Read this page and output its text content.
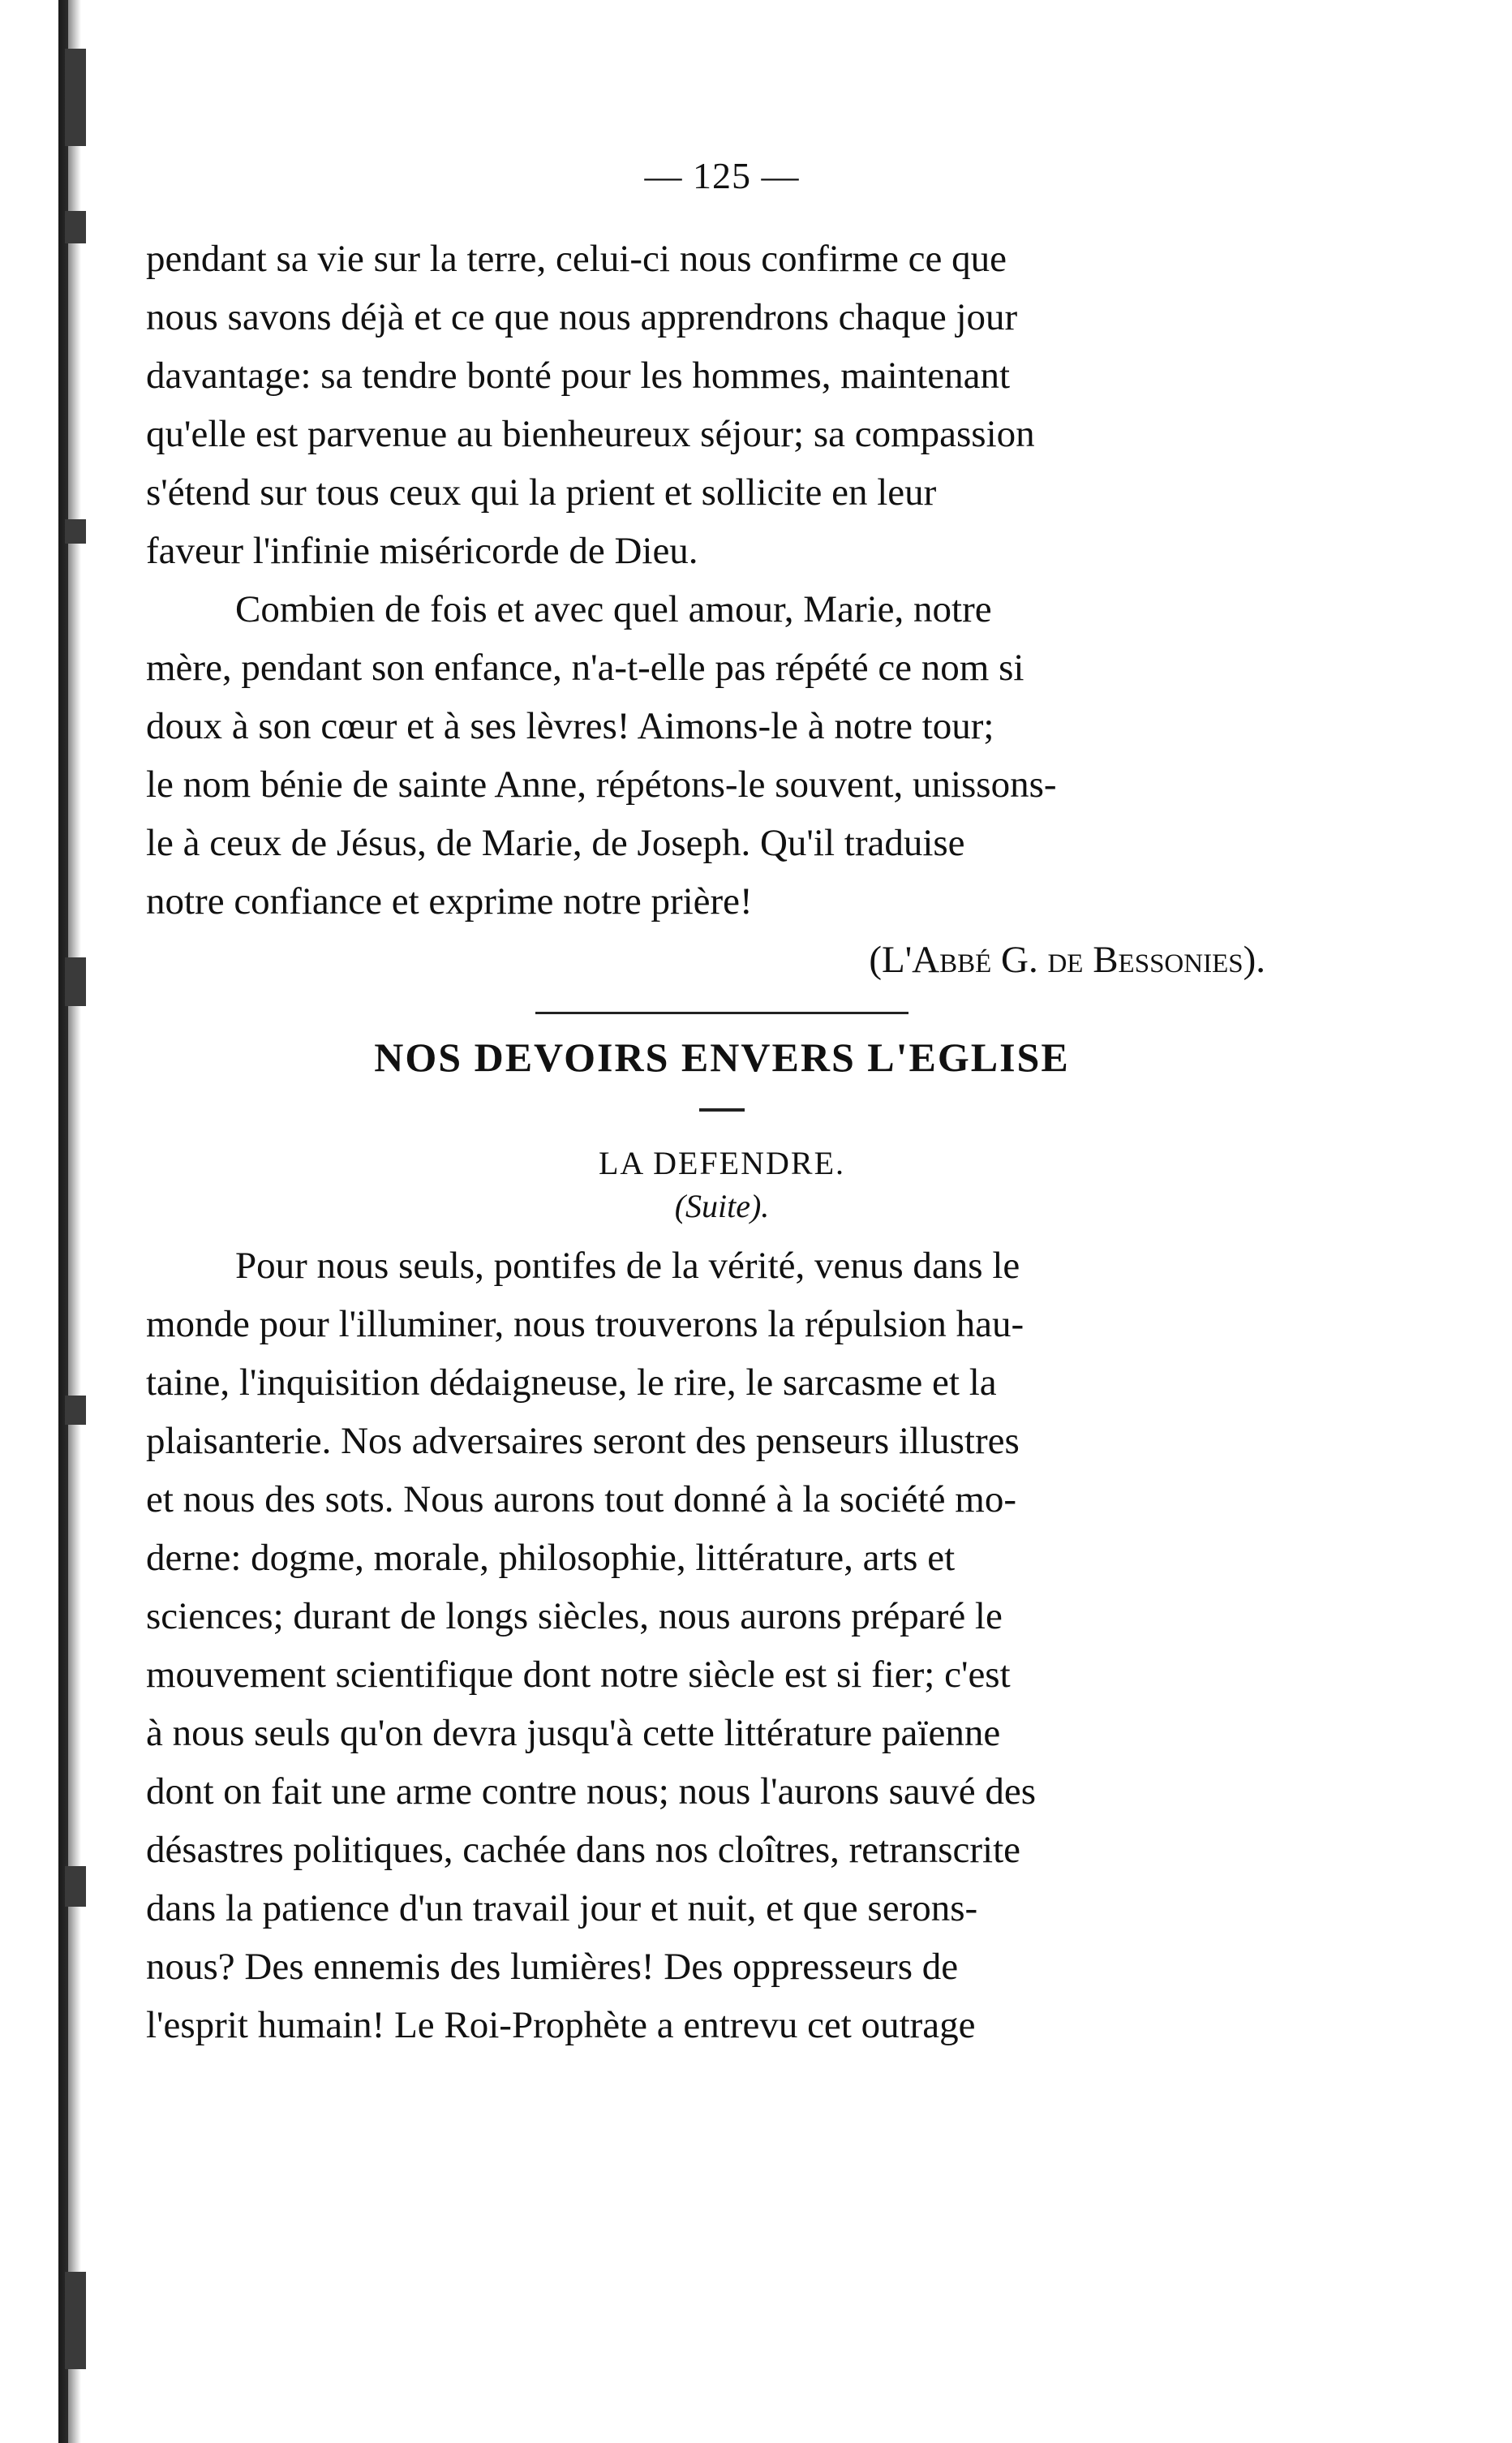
— 125 —

pendant sa vie sur la terre, celui-ci nous confirme ce que
nous savons déjà et ce que nous apprendrons chaque jour
davantage: sa tendre bonté pour les hommes, maintenant
qu'elle est parvenue au bienheureux séjour; sa compassion
s'étend sur tous ceux qui la prient et sollicite en leur
faveur l'infinie miséricorde de Dieu.

Combien de fois et avec quel amour, Marie, notre
mère, pendant son enfance, n'a-t-elle pas répété ce nom si
doux à son cœur et à ses lèvres! Aimons-le à notre tour;
le nom bénie de sainte Anne, répétons-le souvent, unissons-
le à ceux de Jésus, de Marie, de Joseph. Qu'il traduise
notre confiance et exprime notre prière!

(L'Abbé G. de Bessonies).

NOS DEVOIRS ENVERS L'EGLISE

LA DEFENDRE.

(Suite).

Pour nous seuls, pontifes de la vérité, venus dans le
monde pour l'illuminer, nous trouverons la répulsion hau-
taine, l'inquisition dédaigneuse, le rire, le sarcasme et la
plaisanterie. Nos adversaires seront des penseurs illustres
et nous des sots. Nous aurons tout donné à la société mo-
derne: dogme, morale, philosophie, littérature, arts et
sciences; durant de longs siècles, nous aurons préparé le
mouvement scientifique dont notre siècle est si fier; c'est
à nous seuls qu'on devra jusqu'à cette littérature païenne
dont on fait une arme contre nous; nous l'aurons sauvé des
désastres politiques, cachée dans nos cloîtres, retranscrite
dans la patience d'un travail jour et nuit, et que serons-
nous? Des ennemis des lumières! Des oppresseurs de
l'esprit humain! Le Roi-Prophète a entrevu cet outrage
